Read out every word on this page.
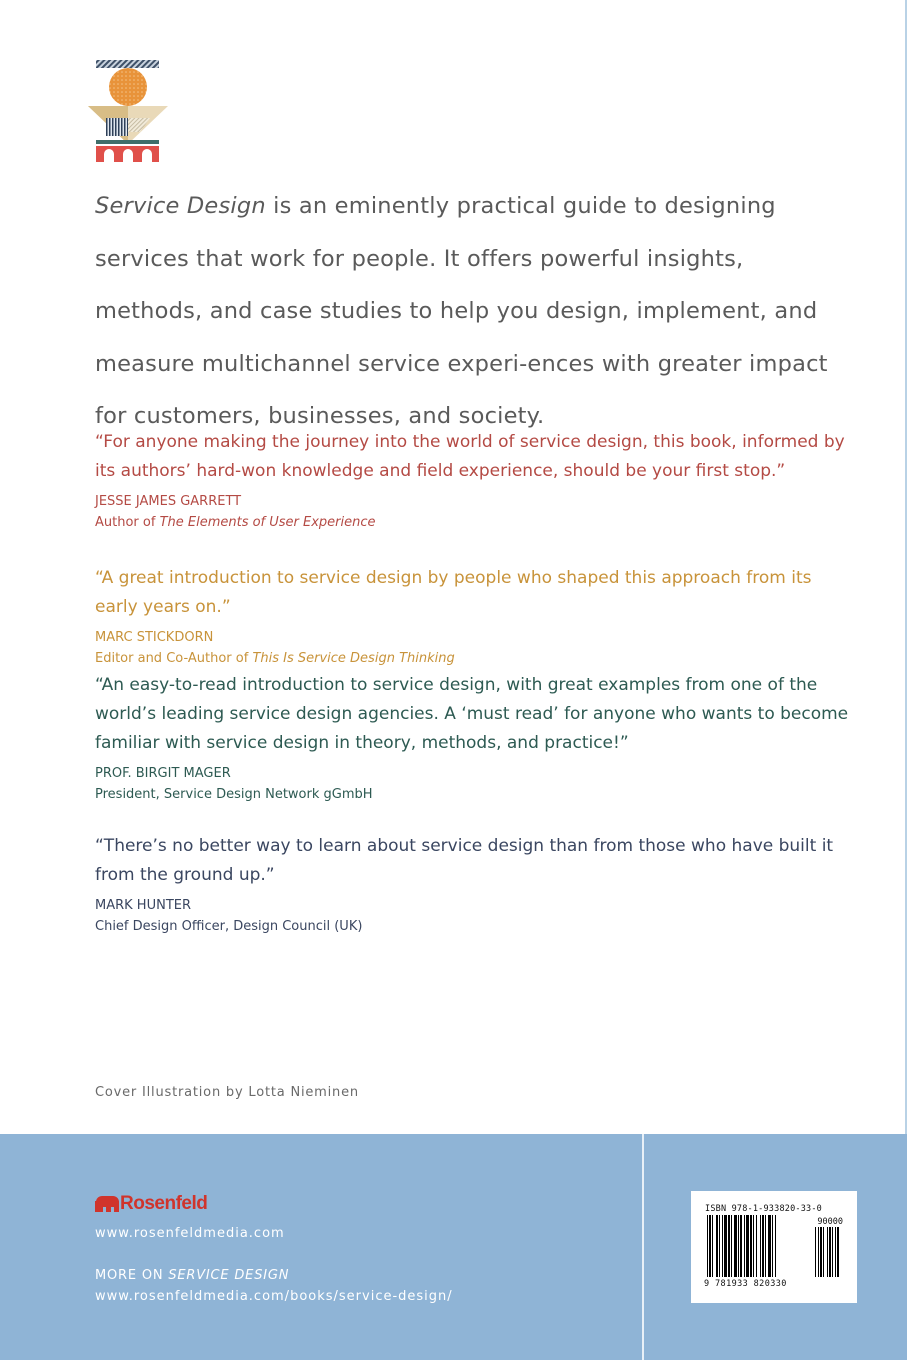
Service Design is an eminently practical guide to designing services that work for people. It offers powerful insights, methods, and case studies to help you design, implement, and measure multichannel service experi-ences with greater impact for customers, businesses, and society.

“For anyone making the journey into the world of service design, this book, informed by its authors’ hard-won knowledge and field experience, should be your first stop.”

JESSE JAMES GARRETT

Author of The Elements of User Experience

“A great introduction to service design by people who shaped this approach from its early years on.”

MARC STICKDORN

Editor and Co-Author of This Is Service Design Thinking

“An easy-to-read introduction to service design, with great examples from one of the world’s leading service design agencies. A ‘must read’ for anyone who wants to become familiar with service design in theory, methods, and practice!”

PROF. BIRGIT MAGER

President, Service Design Network gGmbH

“There’s no better way to learn about service design than from those who have built it from the ground up.”

MARK HUNTER

Chief Design Officer, Design Council (UK)

Cover Illustration by Lotta Nieminen

Rosenfeld

www.rosenfeldmedia.com

MORE ON SERVICE DESIGN

www.rosenfeldmedia.com/books/service-design/

ISBN 978-1-933820-33-0
90000
9 781933 820330
